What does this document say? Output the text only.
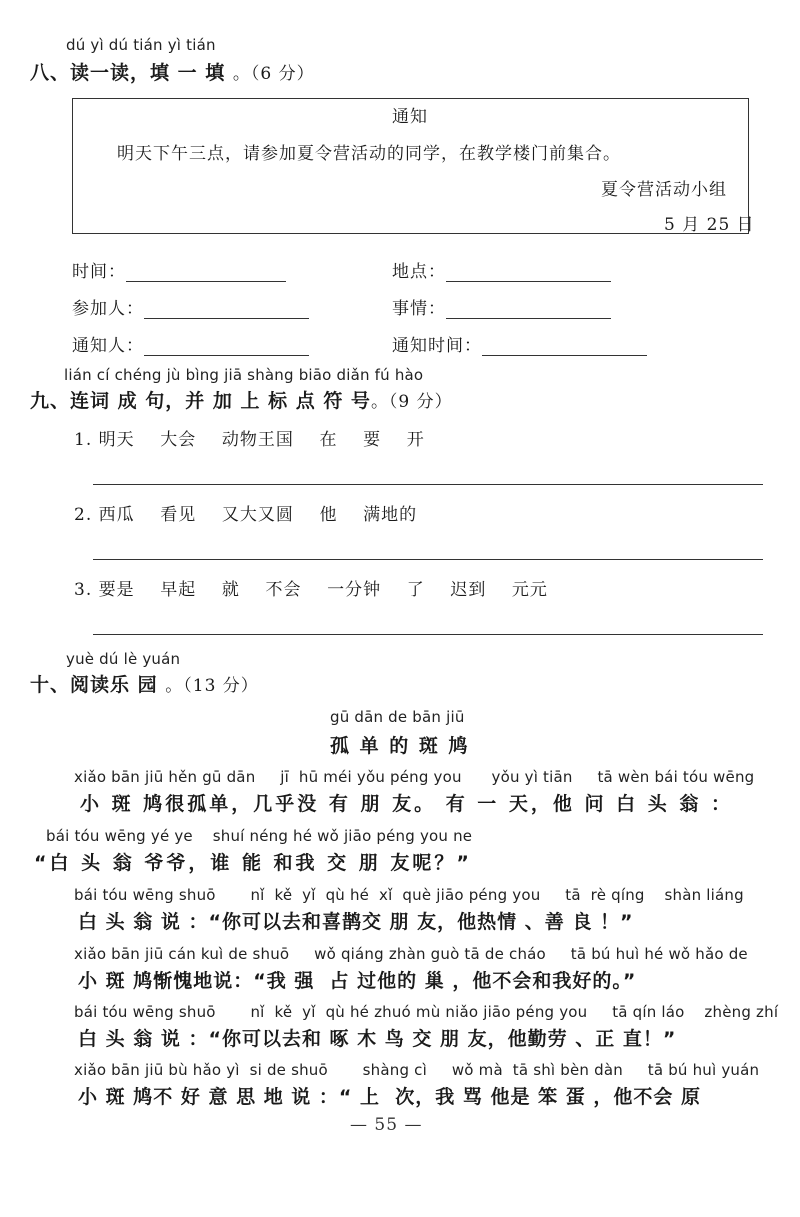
dú yì dú tián yì tián
八、读一读，填 一 填 。（6 分）
通知
明天下午三点，请参加夏令营活动的同学，在教学楼门前集合。
夏令营活动小组
5 月 25 日
时间：	地点：
参加人：	事情：
通知人：	通知时间：
lián cí chéng jù bìng jiā shàng biāo diǎn fú hào
九、连词 成 句，并 加 上 标 点 符 号。（9 分）
1. 明天    大会    动物王国    在    要    开
2. 西瓜    看见    又大又圆    他    满地的
3. 要是    早起    就    不会    一分钟    了    迟到    元元
yuè dú lè yuán
十、阅读乐 园 。（13 分）
gū dān de bān jiū
孤 单 的 斑 鸠
xiǎo bān jiū hěn gū dān     jī  hū méi yǒu péng you      yǒu yì tiān     tā wèn bái tóu wēng
小 斑 鸠很孤单，几乎没 有 朋 友。 有 一 天，他 问 白 头 翁 ：
bái tóu wēng yé ye    shuí néng hé wǒ jiāo péng you ne
“白 头 翁 爷爷，谁 能 和我 交 朋 友呢？”
bái tóu wēng shuō       nǐ  kě  yǐ  qù hé  xǐ  què jiāo péng you     tā  rè qíng    shàn liáng
白 头 翁 说 ：“你可以去和喜鹊交 朋 友，他热情 、善 良 ！”
xiǎo bān jiū cán kuì de shuō     wǒ qiáng zhàn guò tā de cháo     tā bú huì hé wǒ hǎo de
小 斑 鸠惭愧地说：“我 强  占 过他的 巢 ，他不会和我好的。”
bái tóu wēng shuō       nǐ  kě  yǐ  qù hé zhuó mù niǎo jiāo péng you     tā qín láo    zhèng zhí
白 头 翁 说 ：“你可以去和 啄 木 鸟 交 朋 友，他勤劳 、正 直！”
xiǎo bān jiū bù hǎo yì  si de shuō       shàng cì     wǒ mà  tā shì bèn dàn     tā bú huì yuán
小 斑 鸠不 好 意 思 地 说 ：“ 上  次，我 骂 他是 笨 蛋 ，他不会 原
— 55 —
